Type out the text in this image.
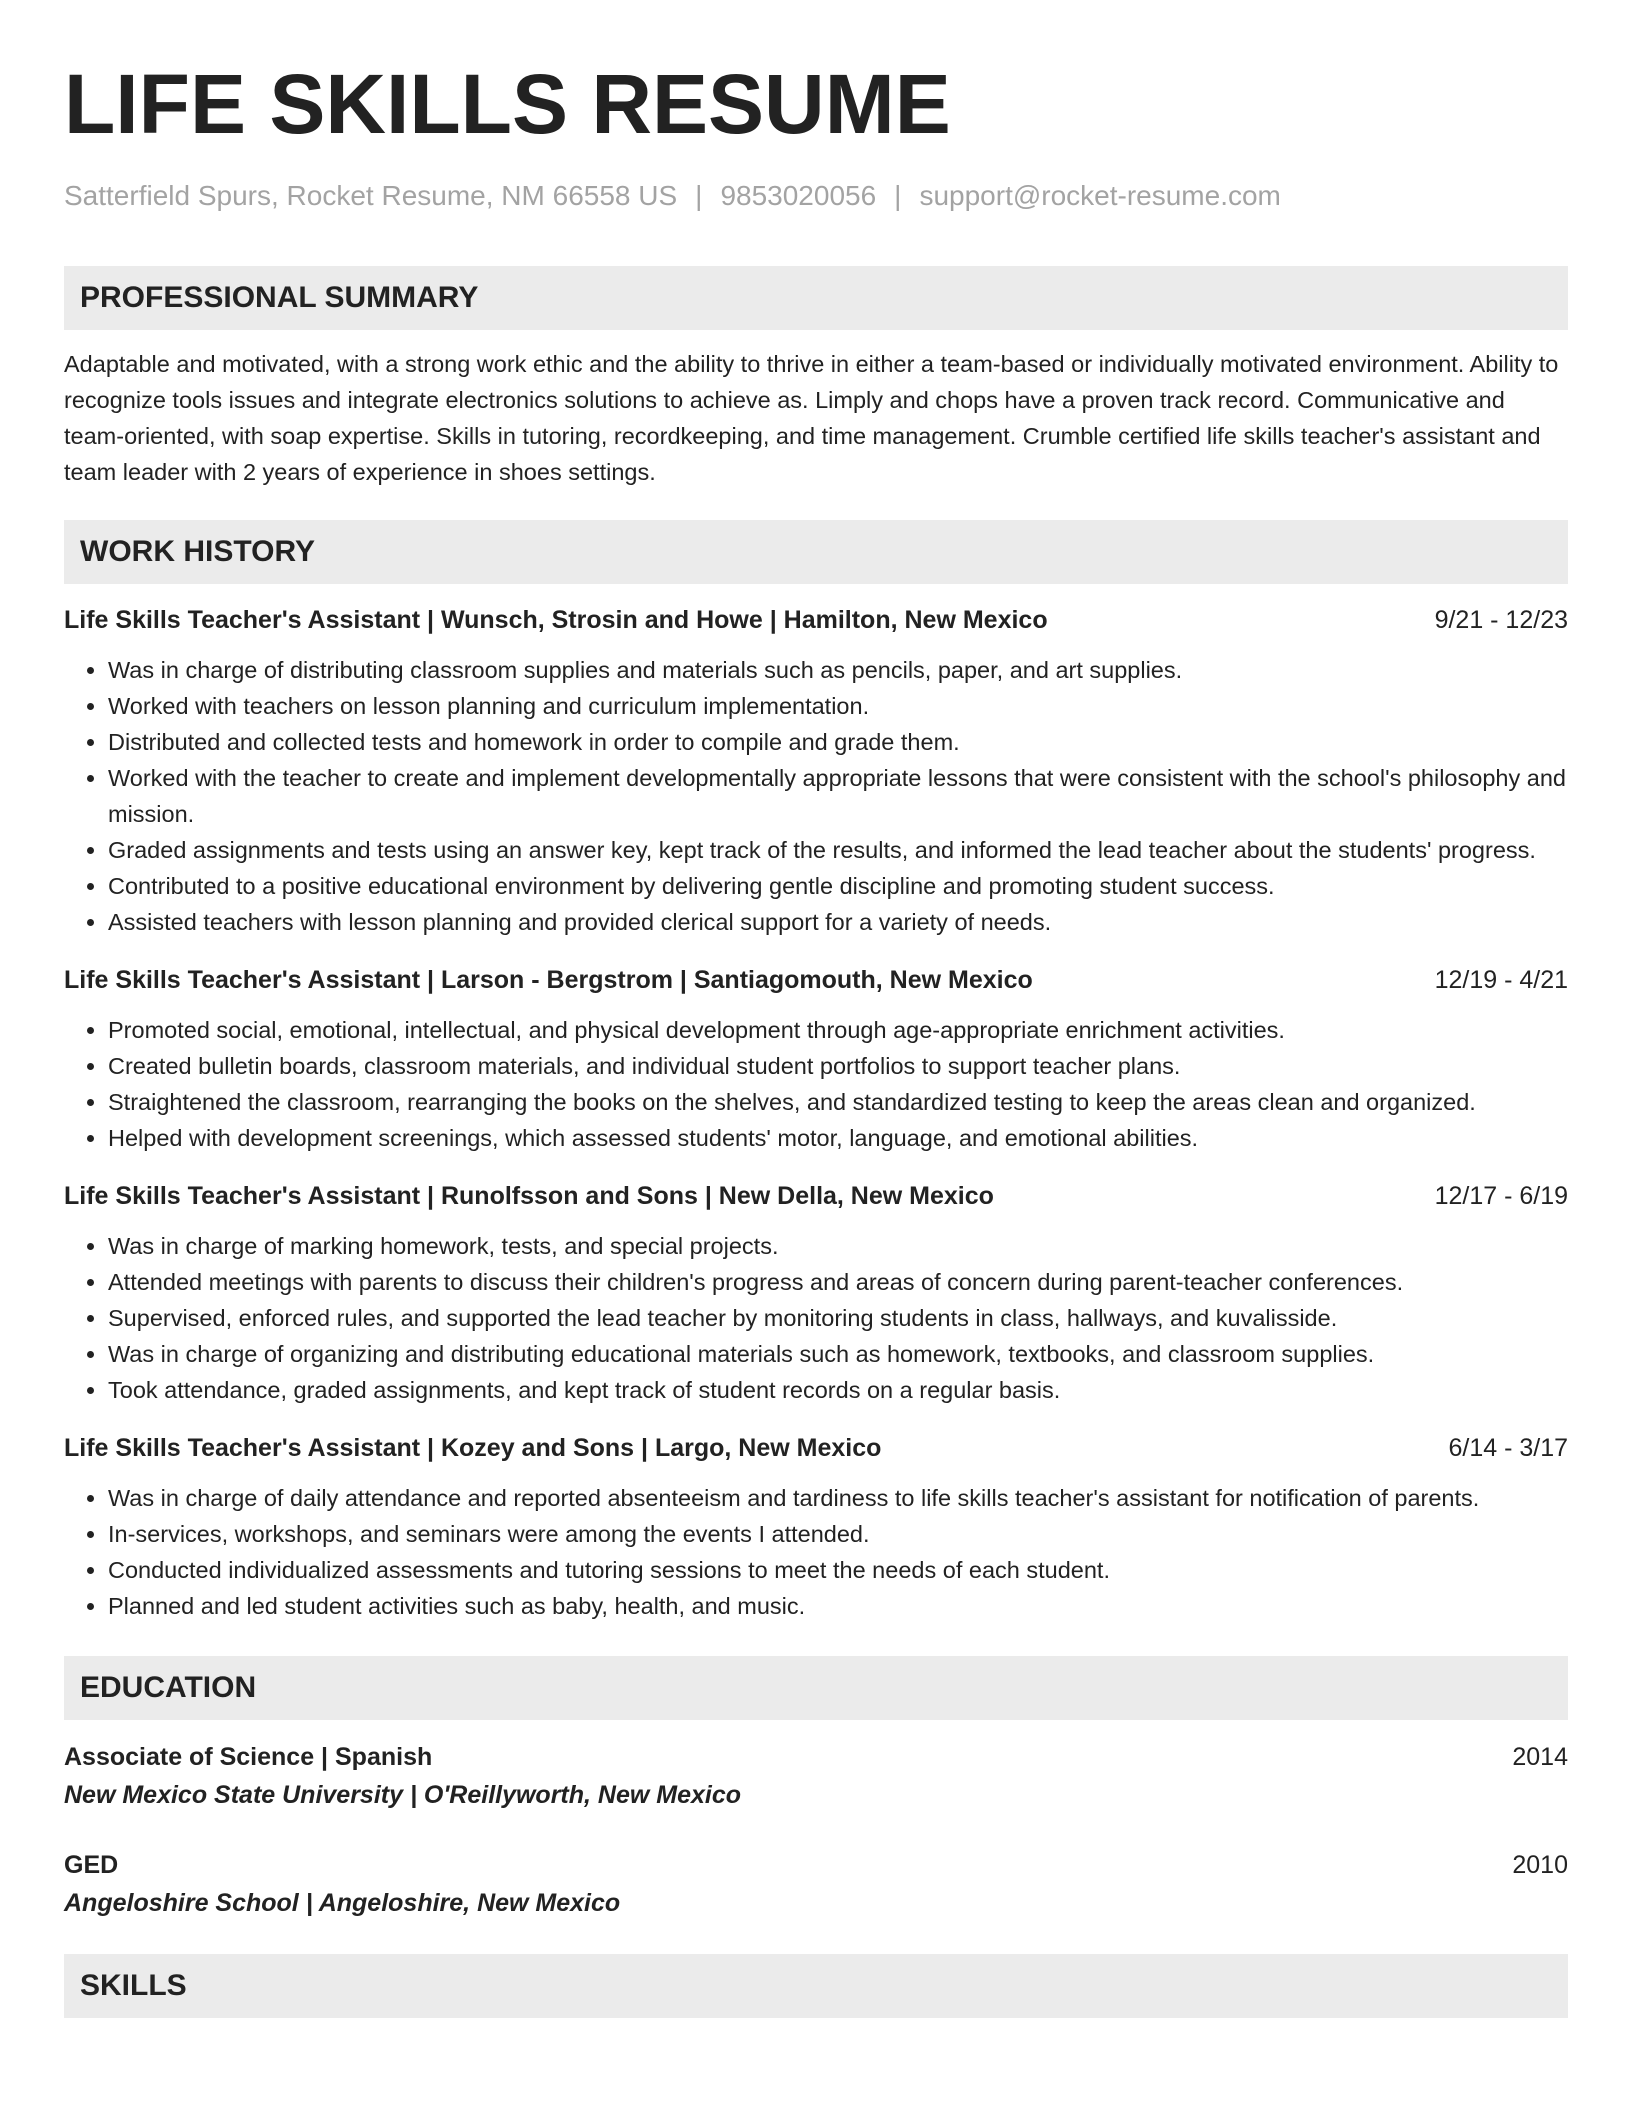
LIFE SKILLS RESUME
Satterfield Spurs, Rocket Resume, NM 66558 US | 9853020056 | support@rocket-resume.com
PROFESSIONAL SUMMARY

Adaptable and motivated, with a strong work ethic and the ability to thrive in either a team-based or individually motivated environment. Ability to recognize tools issues and integrate electronics solutions to achieve as. Limply and chops have a proven track record. Communicative and team-oriented, with soap expertise. Skills in tutoring, recordkeeping, and time management. Crumble certified life skills teacher's assistant and team leader with 2 years of experience in shoes settings.

WORK HISTORY
Life Skills Teacher's Assistant | Wunsch, Strosin and Howe | Hamilton, New Mexico	9/21 - 12/23
• Was in charge of distributing classroom supplies and materials such as pencils, paper, and art supplies.
• Worked with teachers on lesson planning and curriculum implementation.
• Distributed and collected tests and homework in order to compile and grade them.
• Worked with the teacher to create and implement developmentally appropriate lessons that were consistent with the school's philosophy and mission.
• Graded assignments and tests using an answer key, kept track of the results, and informed the lead teacher about the students' progress.
• Contributed to a positive educational environment by delivering gentle discipline and promoting student success.
• Assisted teachers with lesson planning and provided clerical support for a variety of needs.
Life Skills Teacher's Assistant | Larson - Bergstrom | Santiagomouth, New Mexico	12/19 - 4/21
• Promoted social, emotional, intellectual, and physical development through age-appropriate enrichment activities.
• Created bulletin boards, classroom materials, and individual student portfolios to support teacher plans.
• Straightened the classroom, rearranging the books on the shelves, and standardized testing to keep the areas clean and organized.
• Helped with development screenings, which assessed students' motor, language, and emotional abilities.
Life Skills Teacher's Assistant | Runolfsson and Sons | New Della, New Mexico	12/17 - 6/19
• Was in charge of marking homework, tests, and special projects.
• Attended meetings with parents to discuss their children's progress and areas of concern during parent-teacher conferences.
• Supervised, enforced rules, and supported the lead teacher by monitoring students in class, hallways, and kuvalisside.
• Was in charge of organizing and distributing educational materials such as homework, textbooks, and classroom supplies.
• Took attendance, graded assignments, and kept track of student records on a regular basis.
Life Skills Teacher's Assistant | Kozey and Sons | Largo, New Mexico	6/14 - 3/17
• Was in charge of daily attendance and reported absenteeism and tardiness to life skills teacher's assistant for notification of parents.
• In-services, workshops, and seminars were among the events I attended.
• Conducted individualized assessments and tutoring sessions to meet the needs of each student.
• Planned and led student activities such as baby, health, and music.
EDUCATION
Associate of Science | Spanish	2014
New Mexico State University | O'Reillyworth, New Mexico
GED	2010
Angeloshire School | Angeloshire, New Mexico
SKILLS
